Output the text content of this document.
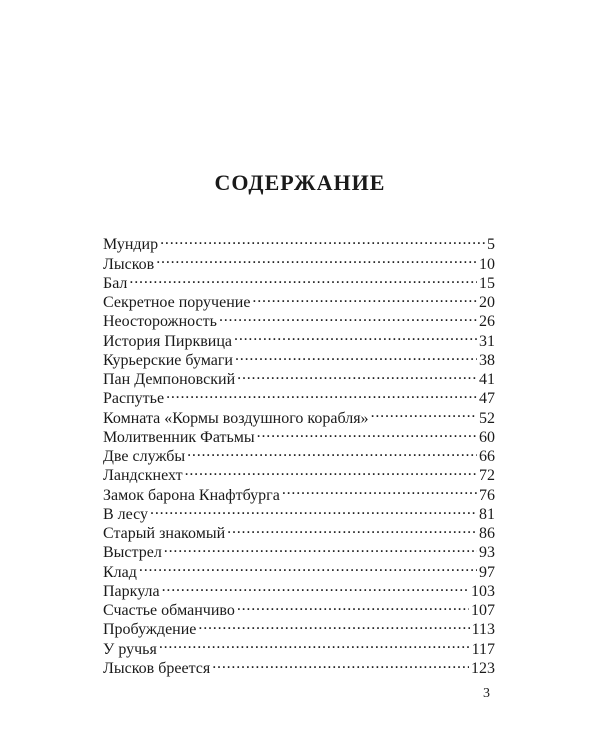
СОДЕРЖАНИЕ
Мундир . . .	5
Лысков . . .	10
Бал . . .	15
Секретное поручение . . .	20
Неосторожность . . .	26
История Пирквица . . .	31
Курьерские бумаги . . .	38
Пан Демпоновский . . .	41
Распутье . . .	47
Комната «Кормы воздушного корабля» . . .	52
Молитвенник Фатьмы . . .	60
Две службы . . .	66
Ландскнехт . . .	72
Замок барона Кнафтбурга . . .	76
В лесу . . .	81
Старый знакомый . . .	86
Выстрел . . .	93
Клад . . .	97
Паркула . . .	103
Счастье обманчиво . . .	107
Пробуждение . . .	113
У ручья . . .	117
Лысков бреется . . .	123
3
